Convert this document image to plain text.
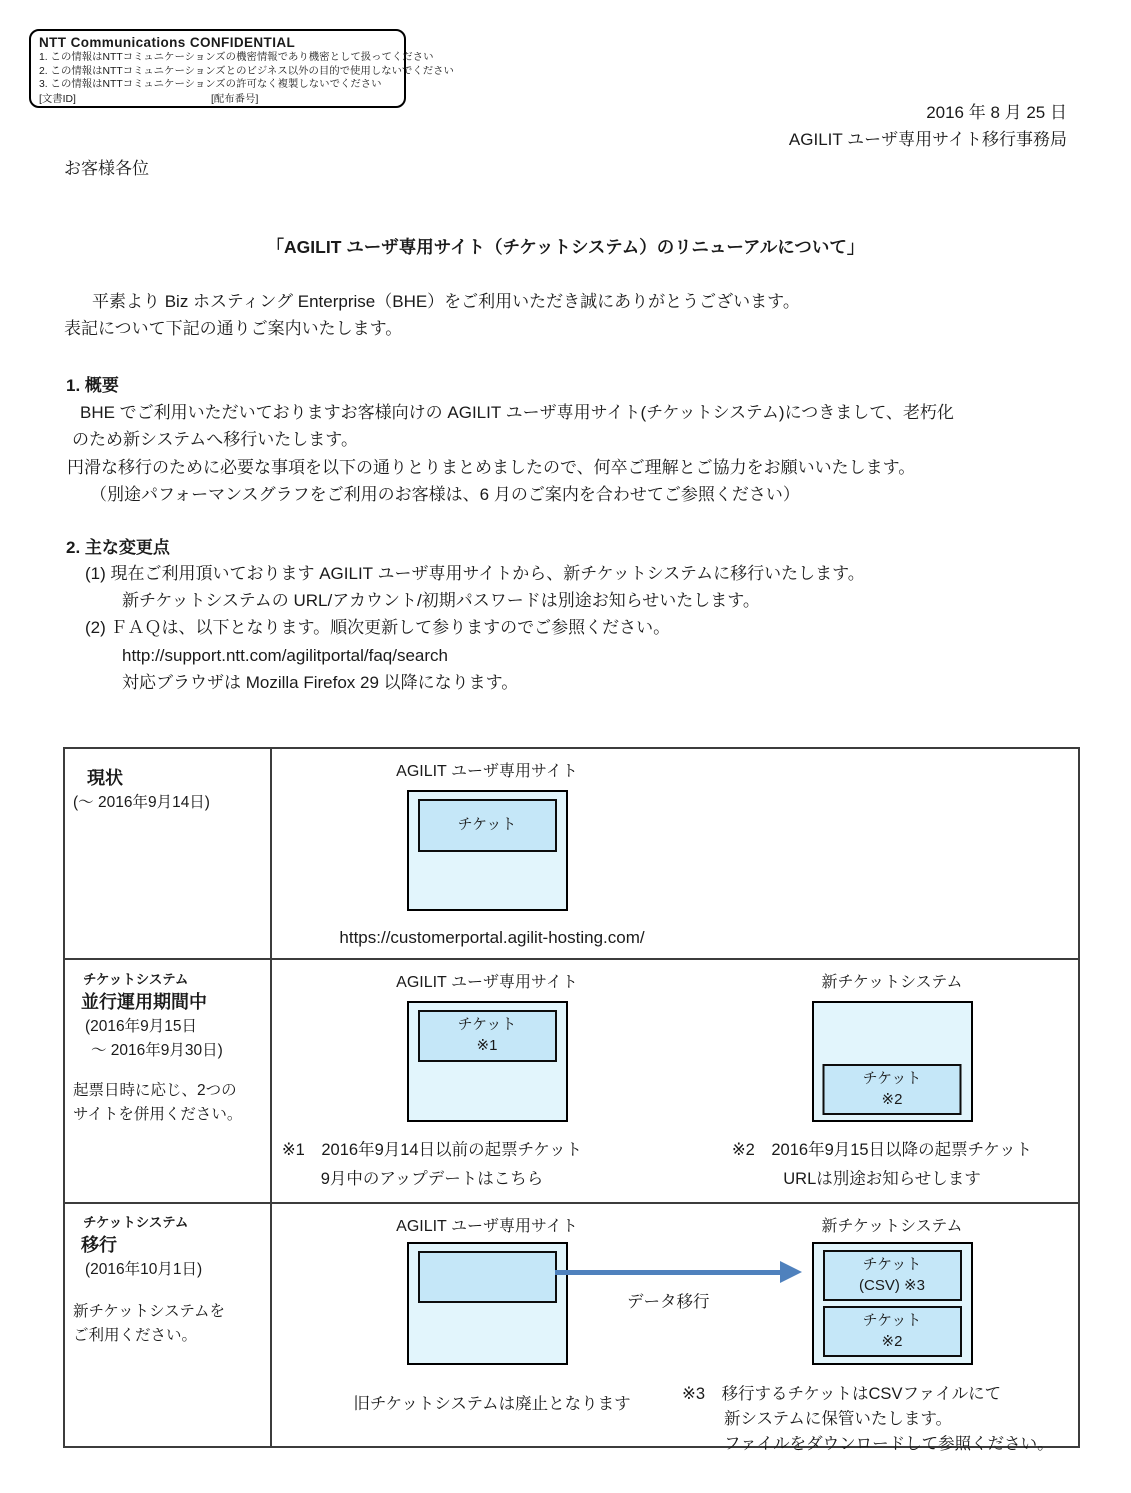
NTT Communications CONFIDENTIAL
1. この情報はNTTコミュニケーションズの機密情報であり機密として扱ってください
2. この情報はNTTコミュニケーションズとのビジネス以外の目的で使用しないでください
3. この情報はNTTコミュニケーションズの許可なく複製しないでください
[文書ID]	[配布番号]
2016 年 8 月 25 日
AGILIT ユーザ専用サイト移行事務局
お客様各位
「AGILIT ユーザ専用サイト（チケットシステム）のリニューアルについて」
平素より Biz ホスティング Enterprise（BHE）をご利用いただき誠にありがとうございます。
表記について下記の通りご案内いたします。
1. 概要
BHE でご利用いただいておりますお客様向けの AGILIT ユーザ専用サイト(チケットシステム)につきまして、老朽化
のため新システムへ移行いたします。
円滑な移行のために必要な事項を以下の通りとりまとめましたので、何卒ご理解とご協力をお願いいたします。
（別途パフォーマンスグラフをご利用のお客様は、6 月のご案内を合わせてご参照ください）
2. 主な変更点
(1) 現在ご利用頂いております AGILIT ユーザ専用サイトから、新チケットシステムに移行いたします。
新チケットシステムの URL/アカウント/初期パスワードは別途お知らせいたします。
(2) ＦＡＱは、以下となります。順次更新して参りますのでご参照ください。
http://support.ntt.com/agilitportal/faq/search
対応ブラウザは Mozilla Firefox 29 以降になります。
現状
(～ 2016年9月14日)
AGILIT ユーザ専用サイト
チケット
https://customerportal.agilit-hosting.com/
チケットシステム
並行運用期間中
(2016年9月15日
～ 2016年9月30日)
起票日時に応じ、2つの
サイトを併用ください。
AGILIT ユーザ専用サイト
チケット
※1
※1　2016年9月14日以前の起票チケット
9月中のアップデートはこちら
新チケットシステム
チケット
※2
※2　2016年9月15日以降の起票チケット
URLは別途お知らせします
チケットシステム
移行
(2016年10月1日)
新チケットシステムを
ご利用ください。
AGILIT ユーザ専用サイト
データ移行
旧チケットシステムは廃止となります
新チケットシステム
チケット
(CSV) ※3
チケット
※2
※3　移行するチケットはCSVファイルにて
新システムに保管いたします。
ファイルをダウンロードして参照ください。
